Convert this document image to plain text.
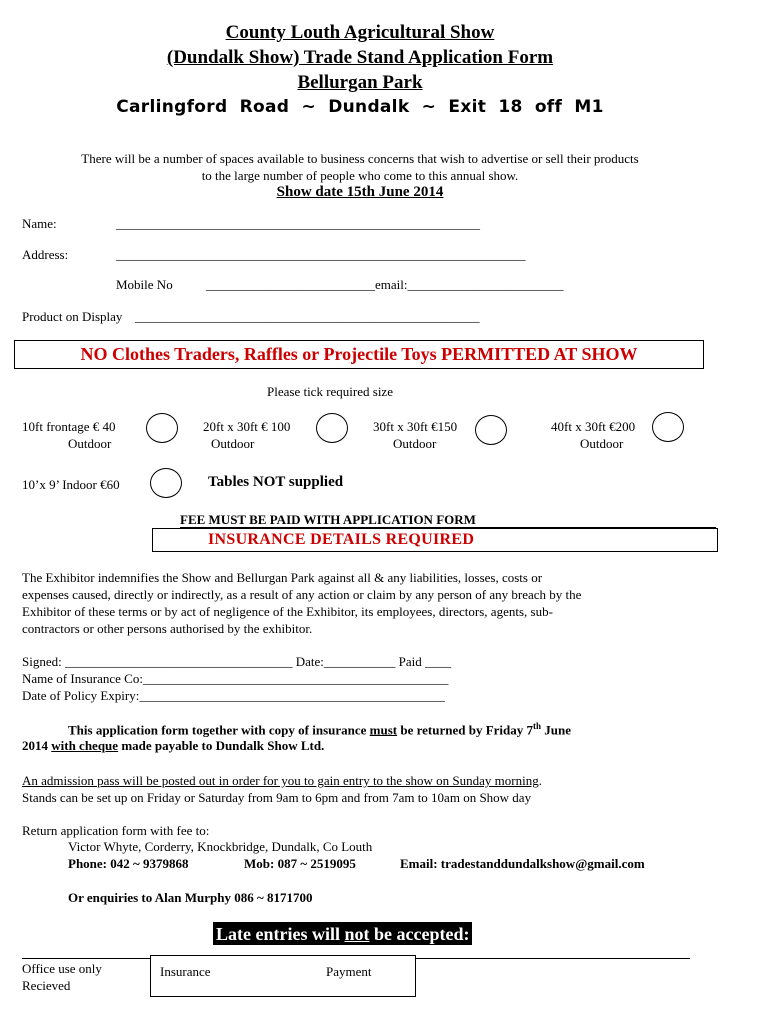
County Louth Agricultural Show
(Dundalk Show) Trade Stand Application Form
Bellurgan Park
Carlingford Road ~ Dundalk ~ Exit 18 off M1
There will be a number of spaces available to business concerns that wish to advertise or sell their products
to the large number of people who come to this annual show.
Show date 15th June 2014
Name:	________________________________________________________
Address:	_______________________________________________________________
Mobile No	__________________________email:________________________
Product on Display _____________________________________________________
NO Clothes Traders, Raffles or Projectile Toys PERMITTED AT SHOW
Please tick required size
10ft frontage € 40
Outdoor
20ft x 30ft € 100
Outdoor
30ft x 30ft €150
Outdoor
40ft x 30ft €200
Outdoor
10’x 9’ Indoor €60	Tables NOT supplied
FEE MUST BE PAID WITH APPLICATION FORM
INSURANCE DETAILS REQUIRED
The Exhibitor indemnifies the Show and Bellurgan Park against all & any liabilities, losses, costs or
expenses caused, directly or indirectly, as a result of any action or claim by any person of any breach by the
Exhibitor of these terms or by act of negligence of the Exhibitor, its employees, directors, agents, sub-
contractors or other persons authorised by the exhibitor.
Signed: ___________________________________ Date:___________ Paid ____
Name of Insurance Co:_______________________________________________
Date of Policy Expiry:_______________________________________________
This application form together with copy of insurance must be returned by Friday 7th June
2014 with cheque made payable to Dundalk Show Ltd.
An admission pass will be posted out in order for you to gain entry to the show on Sunday morning.
Stands can be set up on Friday or Saturday from 9am to 6pm and from 7am to 10am on Show day
Return application form with fee to:
Victor Whyte, Corderry, Knockbridge, Dundalk, Co Louth
Phone: 042 ~ 9379868	Mob: 087 ~ 2519095	Email: tradestanddundalkshow@gmail.com
Or enquiries to Alan Murphy 086 ~ 8171700
Late entries will not be accepted:
Office use only
Recieved
Insurance	Payment
